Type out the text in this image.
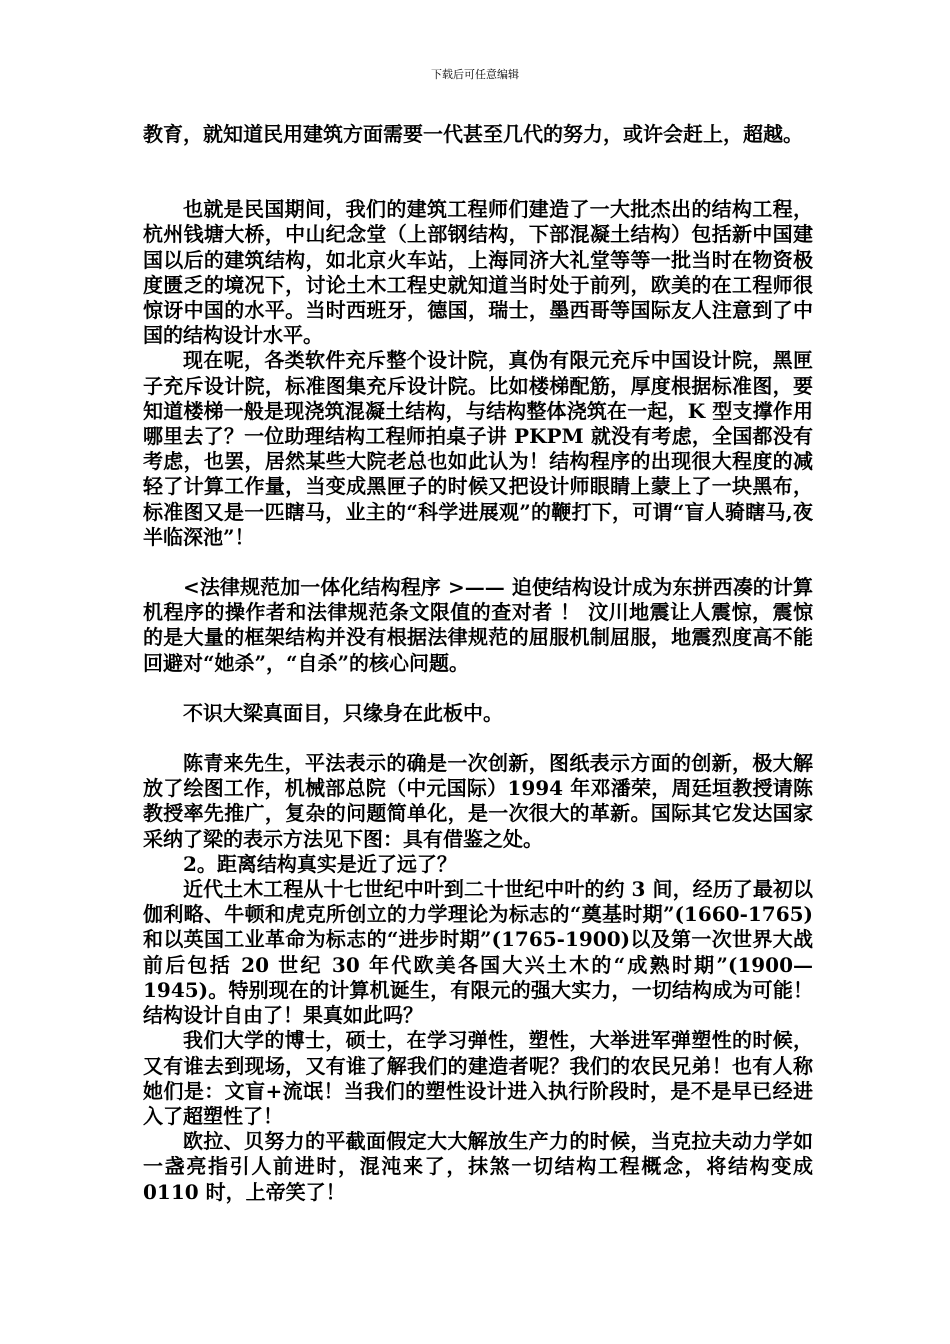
下载后可任意编辑

教育，就知道民用建筑方面需要一代甚至几代的努力，或许会赶上，超越。

也就是民国期间，我们的建筑工程师们建造了一大批杰出的结构工程，杭州钱塘大桥，中山纪念堂（上部钢结构，下部混凝土结构）包括新中国建国以后的建筑结构，如北京火车站，上海同济大礼堂等等一批当时在物资极度匮乏的境况下，讨论土木工程史就知道当时处于前列，欧美的在工程师很惊讶中国的水平。当时西班牙，德国，瑞士，墨西哥等国际友人注意到了中国的结构设计水平。

现在呢，各类软件充斥整个设计院，真伪有限元充斥中国设计院，黑匣子充斥设计院，标准图集充斥设计院。比如楼梯配筋，厚度根据标准图，要知道楼梯一般是现浇筑混凝土结构，与结构整体浇筑在一起，K 型支撑作用哪里去了？一位助理结构工程师拍桌子讲 PKPM 就没有考虑，全国都没有考虑，也罢，居然某些大院老总也如此认为！结构程序的出现很大程度的减轻了计算工作量，当变成黑匣子的时候又把设计师眼睛上蒙上了一块黑布，标准图又是一匹瞎马，业主的“科学进展观”的鞭打下，可谓“盲人骑瞎马,夜半临深池”！

<法律规范加一体化结构程序 >—— 迫使结构设计成为东拼西凑的计算机程序的操作者和法律规范条文限值的查对者 ！ 汶川地震让人震惊，震惊的是大量的框架结构并没有根据法律规范的屈服机制屈服，地震烈度高不能回避对“她杀”，“自杀”的核心问题。

不识大梁真面目，只缘身在此板中。

陈青来先生，平法表示的确是一次创新，图纸表示方面的创新，极大解放了绘图工作，机械部总院（中元国际）1994 年邓潘荣，周廷垣教授请陈教授率先推广，复杂的问题简单化，是一次很大的革新。国际其它发达国家采纳了梁的表示方法见下图：具有借鉴之处。

2。距离结构真实是近了远了？

近代土木工程从十七世纪中叶到二十世纪中叶的约 3 间，经历了最初以伽利略、牛顿和虎克所创立的力学理论为标志的“奠基时期”(1660-1765)和以英国工业革命为标志的“进步时期”(1765-1900)以及第一次世界大战前后包括 20 世纪 30 年代欧美各国大兴土木的“成熟时期”(1900—1945)。特别现在的计算机诞生，有限元的强大实力，一切结构成为可能！结构设计自由了！果真如此吗？

我们大学的博士，硕士，在学习弹性，塑性，大举进军弹塑性的时候，又有谁去到现场，又有谁了解我们的建造者呢？我们的农民兄弟！也有人称她们是：文盲+流氓！当我们的塑性设计进入执行阶段时，是不是早已经进入了超塑性了！

欧拉、贝努力的平截面假定大大解放生产力的时候，当克拉夫动力学如一盏亮指引人前进时，混沌来了，抹煞一切结构工程概念，将结构变成 0110 时，上帝笑了！
